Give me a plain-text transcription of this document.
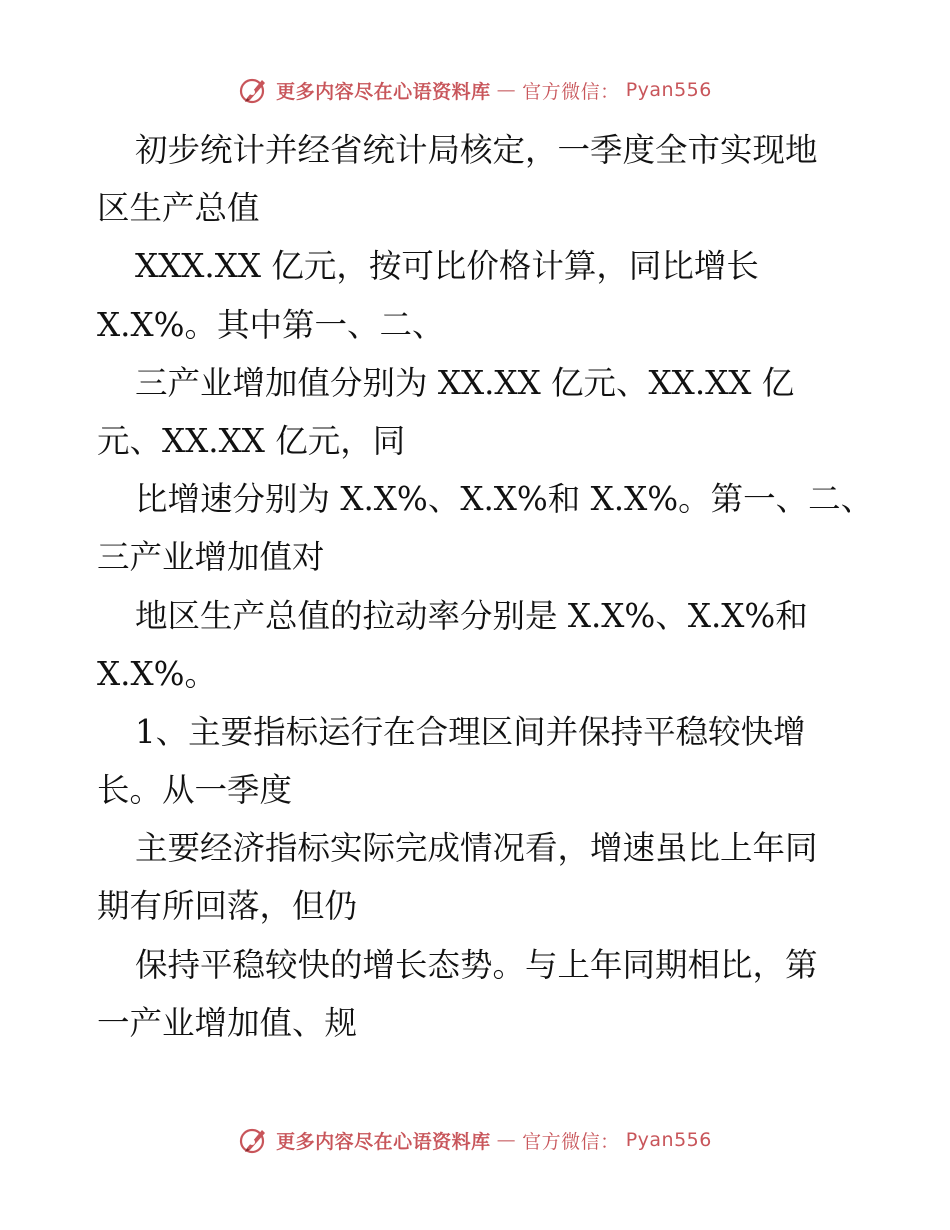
更多内容尽在心语资料库 — 官方微信： Pyan556
初步统计并经省统计局核定，一季度全市实现地
区生产总值
XXX.XX 亿元，按可比价格计算，同比增长
X.X%。其中第一、二、
三产业增加值分别为 XX.XX 亿元、XX.XX 亿
元、XX.XX 亿元，同
比增速分别为 X.X%、X.X%和 X.X%。第一、二、
三产业增加值对
地区生产总值的拉动率分别是 X.X%、X.X%和
X.X%。
1、主要指标运行在合理区间并保持平稳较快增
长。从一季度
主要经济指标实际完成情况看，增速虽比上年同
期有所回落，但仍
保持平稳较快的增长态势。与上年同期相比，第
一产业增加值、规
更多内容尽在心语资料库 — 官方微信： Pyan556
